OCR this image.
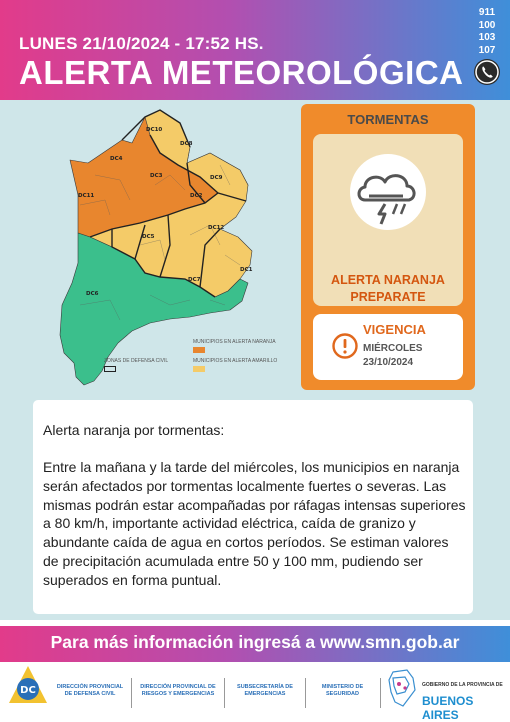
LUNES 21/10/2024 - 17:52 HS.
ALERTA METEOROLÓGICA
911
100
103
107
DC10
DC8
DC4
DC9
DC3
DC2
DC11
DC12
DC5
DC7
DC6
DC1
MUNICIPIOS EN ALERTA NARANJA
MUNICIPIOS EN ALERTA AMARILLO
ZONAS DE DEFENSA CIVIL
TORMENTAS
ALERTA NARANJA
PREPARATE
VIGENCIA
MIÉRCOLES
23/10/2024
Alerta naranja por tormentas:
Entre la mañana y la tarde del miércoles, los municipios en naranja serán afectados por tormentas localmente fuertes o severas. Las mismas podrán estar acompañadas por ráfagas intensas superiores a 80 km/h, importante actividad eléctrica, caída de granizo y abundante caída de agua en cortos períodos. Se estiman valores de precipitación acumulada entre 50 y 100 mm, pudiendo ser superados en forma puntual.
Para más información ingresá a www.smn.gob.ar
DC	DIRECCIÓN PROVINCIAL DE DEFENSA CIVIL
DIRECCIÓN PROVINCIAL DE RIESGOS Y EMERGENCIAS
SUBSECRETARÍA DE EMERGENCIAS
MINISTERIO DE SEGURIDAD
GOBIERNO DE LA PROVINCIA DE
BUENOS AIRES
